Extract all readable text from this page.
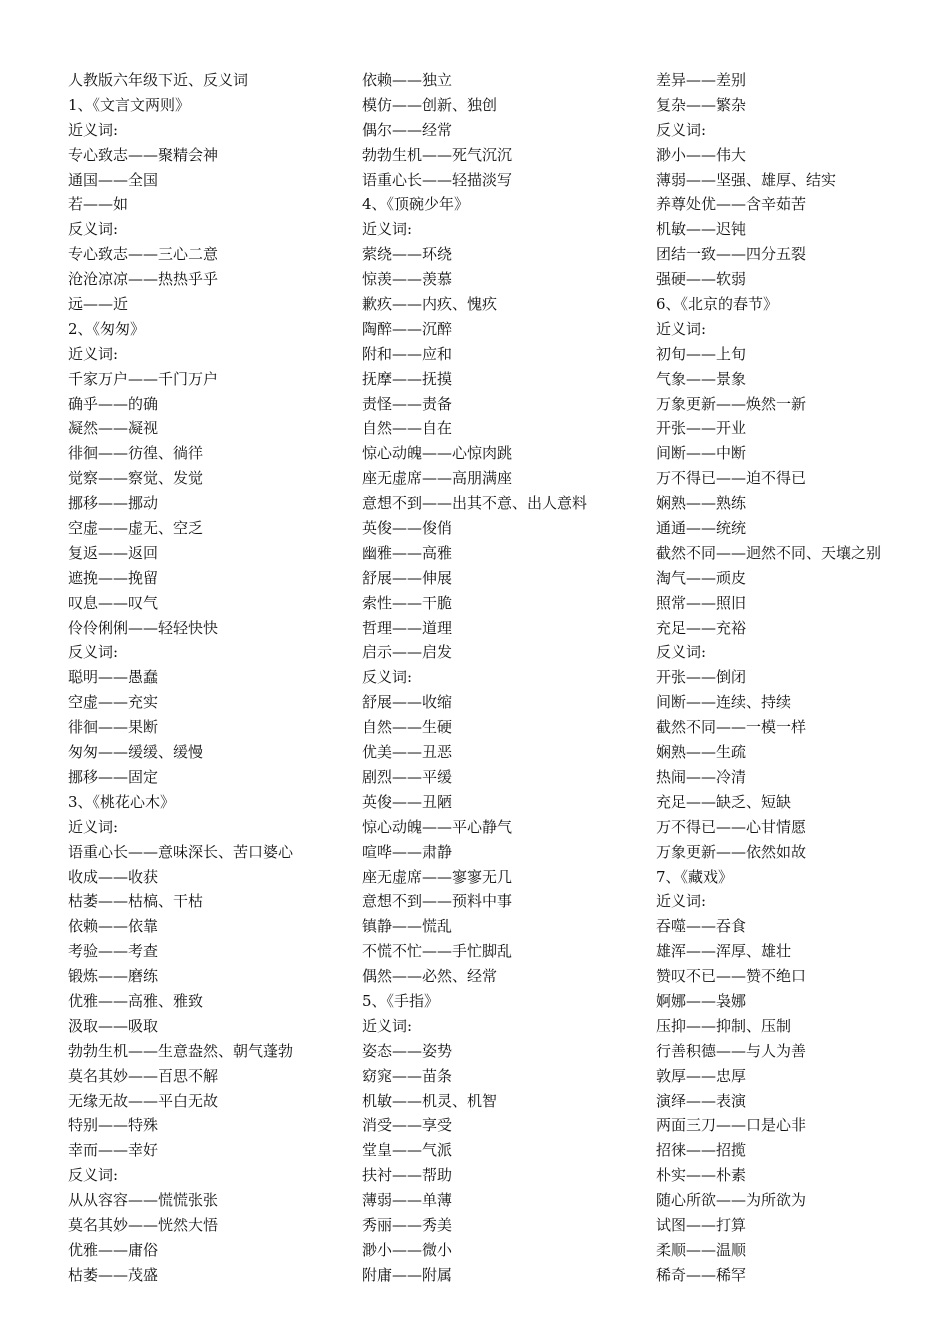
人教版六年级下近、反义词
1、《文言文两则》
近义词:
专心致志——聚精会神
通国——全国
若——如
反义词:
专心致志——三心二意
沧沧凉凉——热热乎乎
远——近
2、《匆匆》
近义词:
千家万户——千门万户
确乎——的确
凝然——凝视
徘徊——彷徨、徜徉
觉察——察觉、发觉
挪移——挪动
空虚——虚无、空乏
复返——返回
遮挽——挽留
叹息——叹气
伶伶俐俐——轻轻快快
反义词:
聪明——愚蠢
空虚——充实
徘徊——果断
匆匆——缓缓、缓慢
挪移——固定
3、《桃花心木》
近义词:
语重心长——意味深长、苦口婆心
收成——收获
枯萎——枯槁、干枯
依赖——依靠
考验——考查
锻炼——磨练
优雅——高雅、雅致
汲取——吸取
勃勃生机——生意盎然、朝气蓬勃
莫名其妙——百思不解
无缘无故——平白无故
特别——特殊
幸而——幸好
反义词:
从从容容——慌慌张张
莫名其妙——恍然大悟
优雅——庸俗
枯萎——茂盛
依赖——独立
模仿——创新、独创
偶尔——经常
勃勃生机——死气沉沉
语重心长——轻描淡写
4、《顶碗少年》
近义词:
萦绕——环绕
惊羡——羡慕
歉疚——内疚、愧疚
陶醉——沉醉
附和——应和
抚摩——抚摸
责怪——责备
自然——自在
惊心动魄——心惊肉跳
座无虚席——高朋满座
意想不到——出其不意、出人意料
英俊——俊俏
幽雅——高雅
舒展——伸展
索性——干脆
哲理——道理
启示——启发
反义词:
舒展——收缩
自然——生硬
优美——丑恶
剧烈——平缓
英俊——丑陋
惊心动魄——平心静气
喧哗——肃静
座无虚席——寥寥无几
意想不到——预料中事
镇静——慌乱
不慌不忙——手忙脚乱
偶然——必然、经常
5、《手指》
近义词:
姿态——姿势
窈窕——苗条
机敏——机灵、机智
消受——享受
堂皇——气派
扶衬——帮助
薄弱——单薄
秀丽——秀美
渺小——微小
附庸——附属
差异——差别
复杂——繁杂
反义词:
渺小——伟大
薄弱——坚强、雄厚、结实
养尊处优——含辛茹苦
机敏——迟钝
团结一致——四分五裂
强硬——软弱
6、《北京的春节》
近义词:
初旬——上旬
气象——景象
万象更新——焕然一新
开张——开业
间断——中断
万不得已——迫不得已
娴熟——熟练
通通——统统
截然不同——迥然不同、天壤之别
淘气——顽皮
照常——照旧
充足——充裕
反义词:
开张——倒闭
间断——连续、持续
截然不同——一模一样
娴熟——生疏
热闹——冷清
充足——缺乏、短缺
万不得已——心甘情愿
万象更新——依然如故
7、《藏戏》
近义词:
吞噬——吞食
雄浑——浑厚、雄壮
赞叹不已——赞不绝口
婀娜——袅娜
压抑——抑制、压制
行善积德——与人为善
敦厚——忠厚
演绎——表演
两面三刀——口是心非
招徕——招揽
朴实——朴素
随心所欲——为所欲为
试图——打算
柔顺——温顺
稀奇——稀罕
